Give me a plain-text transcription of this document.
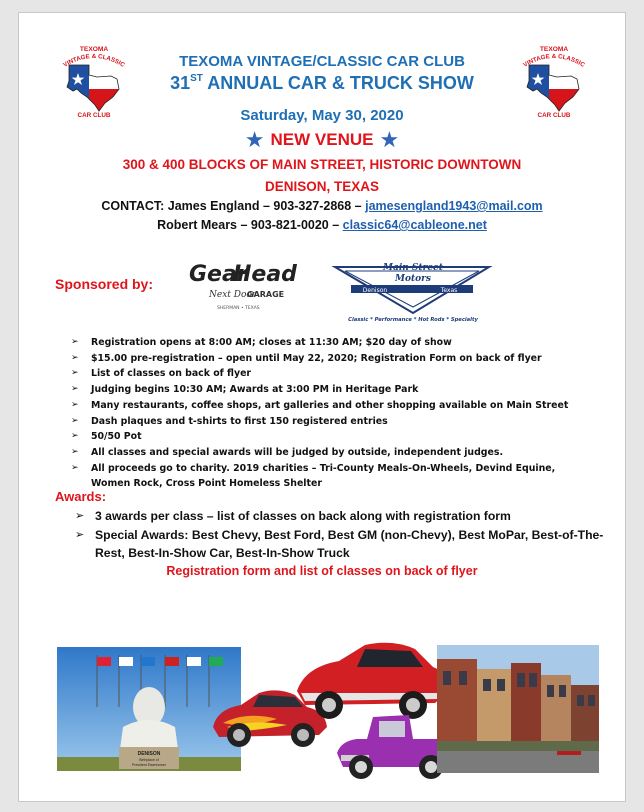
TEXOMA
VINTAGE & CLASSIC
CAR CLUB
TEXOMA
VINTAGE & CLASSIC
CAR CLUB
TEXOMA VINTAGE/CLASSIC CAR CLUB
31ST ANNUAL CAR & TRUCK SHOW
Saturday, May 30, 2020
★ NEW VENUE ★
300 & 400 BLOCKS OF MAIN STREET, HISTORIC DOWNTOWN
DENISON, TEXAS
CONTACT: James England – 903-327-2868 – jamesengland1943@mail.com
Robert Mears – 903-821-0020 – classic64@cableone.net
Sponsored by: Gear
Head
Next Door
GARAGE
SHERMAN • TEXAS
Main Street
Motors
Denison	Texas
Classic * Performance * Hot Rods * Specialty
➢ Registration opens at 8:00 AM; closes at 11:30 AM; $20 day of show
➢ $15.00 pre-registration – open until May 22, 2020; Registration Form on back of flyer
➢ List of classes on back of flyer
➢ Judging begins 10:30 AM; Awards at 3:00 PM in Heritage Park
➢ Many restaurants, coffee shops, art galleries and other shopping available on Main Street
➢ Dash plaques and t-shirts to first 150 registered entries
➢ 50/50 Pot
➢ All classes and special awards will be judged by outside, independent judges.
➢ All proceeds go to charity. 2019 charities – Tri-County Meals-On-Wheels, Devind Equine, Women Rock, Cross Point Homeless Shelter
Awards:
➢ 3 awards per class – list of classes on back along with registration form
➢ Special Awards: Best Chevy, Best Ford, Best GM (non-Chevy), Best MoPar, Best-of-The-Rest, Best-In-Show Car, Best-In-Show Truck
Registration form and list of classes on back of flyer
DENISON
Birthplace of
President Eisenhower
